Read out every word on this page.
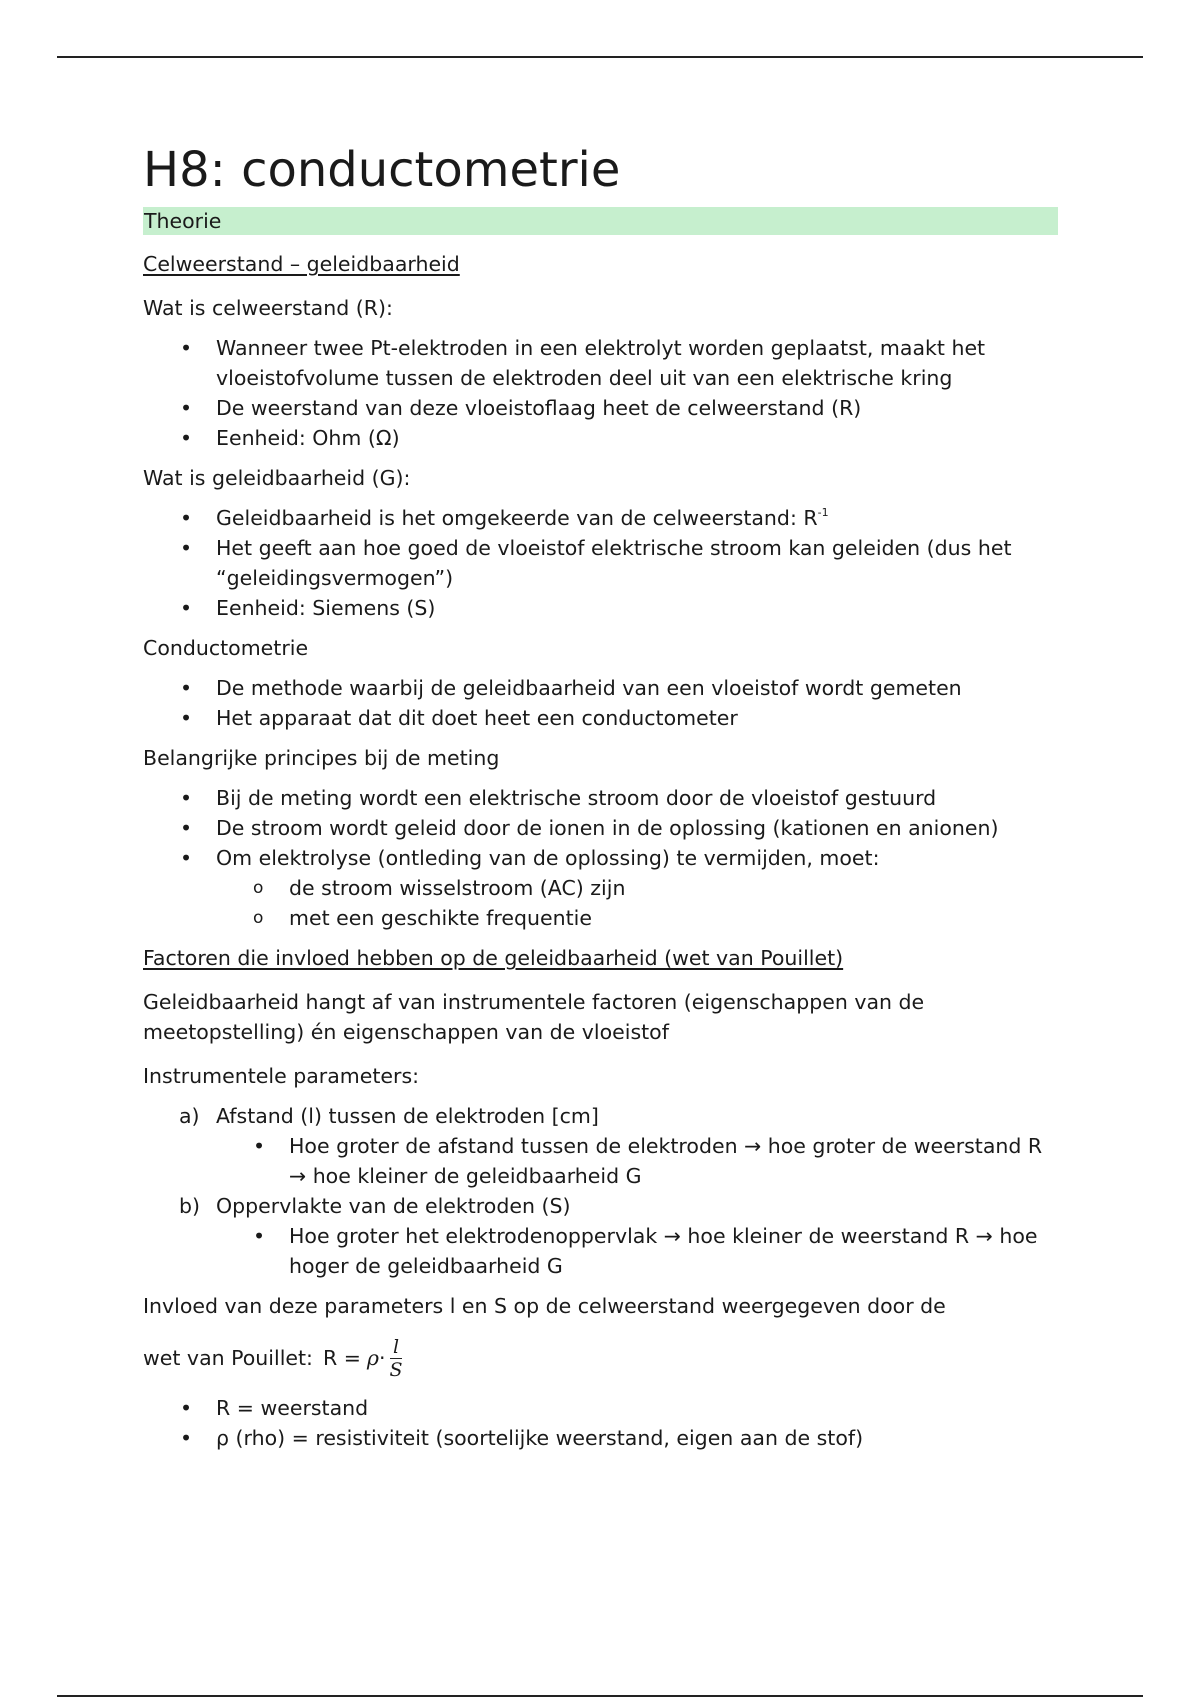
H8: conductometrie
Theorie

Celweerstand – geleidbaarheid

Wat is celweerstand (R):

• Wanneer twee Pt-elektroden in een elektrolyt worden geplaatst, maakt het vloeistofvolume tussen de elektroden deel uit van een elektrische kring
• De weerstand van deze vloeistoflaag heet de celweerstand (R)
• Eenheid: Ohm (Ω)

Wat is geleidbaarheid (G):

• Geleidbaarheid is het omgekeerde van de celweerstand: $R^{-1}$
• Het geeft aan hoe goed de vloeistof elektrische stroom kan geleiden (dus het “geleidingsvermogen”)
• Eenheid: Siemens (S)

Conductometrie

• De methode waarbij de geleidbaarheid van een vloeistof wordt gemeten
• Het apparaat dat dit doet heet een conductometer

Belangrijke principes bij de meting

• Bij de meting wordt een elektrische stroom door de vloeistof gestuurd
• De stroom wordt geleid door de ionen in de oplossing (kationen en anionen)
• Om elektrolyse (ontleding van de oplossing) te vermijden, moet:
o de stroom wisselstroom (AC) zijn
o met een geschikte frequentie

Factoren die invloed hebben op de geleidbaarheid (wet van Pouillet)

Geleidbaarheid hangt af van instrumentele factoren (eigenschappen van de meetopstelling) én eigenschappen van de vloeistof

Instrumentele parameters:

a) Afstand (l) tussen de elektroden [cm]
• Hoe groter de afstand tussen de elektroden → hoe groter de weerstand R → hoe kleiner de geleidbaarheid G
b) Oppervlakte van de elektroden (S)
• Hoe groter het elektrodenoppervlak → hoe kleiner de weerstand R → hoe hoger de geleidbaarheid G

Invloed van deze parameters l en S op de celweerstand weergegeven door de

wet van Pouillet: $R = \rho \cdot \frac{l}{S}$
• R = weerstand
• ρ (rho) = resistiviteit (soortelijke weerstand, eigen aan de stof)
